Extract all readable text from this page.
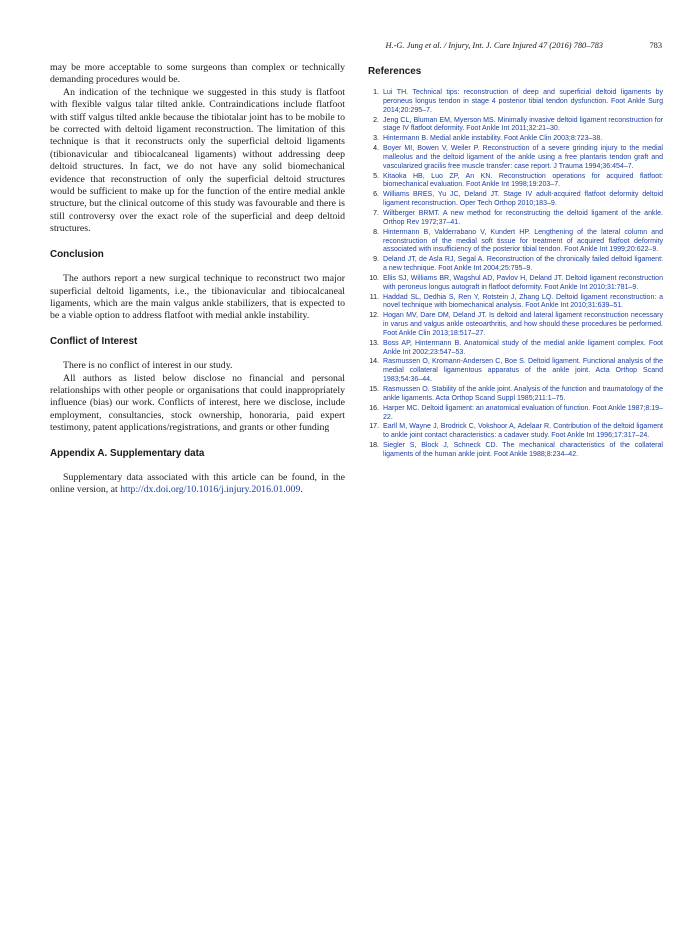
H.-G. Jung et al. / Injury, Int. J. Care Injured 47 (2016) 780–783	783

may be more acceptable to some surgeons than complex or technically demanding procedures would be.

An indication of the technique we suggested in this study is flatfoot with flexible valgus talar tilted ankle. Contraindications include flatfoot with stiff valgus tilted ankle because the tibiotalar joint has to be mobile to be corrected with deltoid ligament reconstruction. The limitation of this technique is that it reconstructs only the superficial deltoid ligaments (tibionavicular and tibiocalcaneal ligaments) without addressing deep deltoid structures. In fact, we do not have any solid biomechanical evidence that reconstruction of only the superficial deltoid structures would be sufficient to make up for the function of the entire medial ankle structure, but the clinical outcome of this study was favourable and there is still controversy over the exact role of the superficial and deep deltoid structures.

Conclusion

The authors report a new surgical technique to reconstruct two major superficial deltoid ligaments, i.e., the tibionavicular and tibiocalcaneal ligaments, which are the main valgus ankle stabilizers, that is expected to be a viable option to address flatfoot with medial ankle instability.

Conflict of Interest

There is no conflict of interest in our study.

All authors as listed below disclose no financial and personal relationships with other people or organisations that could inappropriately influence (bias) our work. Conflicts of interest, here we disclose, include employment, consultancies, stock ownership, honoraria, paid expert testimony, patent applications/registrations, and grants or other funding

Appendix A. Supplementary data

Supplementary data associated with this article can be found, in the online version, at http://dx.doi.org/10.1016/j.injury.2016.01.009.

References
1. Lui TH. Technical tips: reconstruction of deep and superficial deltoid ligaments by peroneus longus tendon in stage 4 posterior tibial tendon dysfunction. Foot Ankle Surg 2014;20:295–7.
2. Jeng CL, Bluman EM, Myerson MS. Minimally invasive deltoid ligament reconstruction for stage IV flatfoot deformity. Foot Ankle Int 2011;32:21–30.
3. Hintermann B. Medial ankle instability. Foot Ankle Clin 2003;8:723–38.
4. Boyer MI, Bowen V, Weiler P. Reconstruction of a severe grinding injury to the medial malleolus and the deltoid ligament of the ankle using a free plantaris tendon graft and vascularized gracilis free muscle transfer: case report. J Trauma 1994;36:454–7.
5. Kitaoka HB, Luo ZP, An KN. Reconstruction operations for acquired flatfoot: biomechanical evaluation. Foot Ankle Int 1998;19:203–7.
6. Williams BRES, Yu JC, Deland JT. Stage IV adult-acquired flatfoot deformity deltoid ligament reconstruction. Oper Tech Orthop 2010;183–9.
7. Wiltberger BRMT. A new method for reconstructing the deltoid ligament of the ankle. Orthop Rev 1972;37–41.
8. Hintermann B, Valderrabano V, Kundert HP. Lengthening of the lateral column and reconstruction of the medial soft tissue for treatment of acquired flatfoot deformity associated with insufficiency of the posterior tibial tendon. Foot Ankle Int 1999;20:622–9.
9. Deland JT, de Asla RJ, Segal A. Reconstruction of the chronically failed deltoid ligament: a new technique. Foot Ankle Int 2004;25:795–9.
10. Ellis SJ, Williams BR, Wagshul AD, Pavlov H, Deland JT. Deltoid ligament reconstruction with peroneus longus autograft in flatfoot deformity. Foot Ankle Int 2010;31:781–9.
11. Haddad SL, Dedhia S, Ren Y, Rotstein J, Zhang LQ. Deltoid ligament reconstruction: a novel technique with biomechanical analysis. Foot Ankle Int 2010;31:639–51.
12. Hogan MV, Dare DM, Deland JT. Is deltoid and lateral ligament reconstruction necessary in varus and valgus ankle osteoarthritis, and how should these procedures be performed. Foot Ankle Clin 2013;18:517–27.
13. Boss AP, Hintermann B. Anatomical study of the medial ankle ligament complex. Foot Ankle Int 2002;23:547–53.
14. Rasmussen O, Kromann-Andersen C, Boe S. Deltoid ligament. Functional analysis of the medial collateral ligamentous apparatus of the ankle joint. Acta Orthop Scand 1983;54:36–44.
15. Rasmussen O. Stability of the ankle joint. Analysis of the function and traumatology of the ankle ligaments. Acta Orthop Scand Suppl 1985;211:1–75.
16. Harper MC. Deltoid ligament: an anatomical evaluation of function. Foot Ankle 1987;8:19–22.
17. Earll M, Wayne J, Brodrick C, Vokshoor A, Adelaar R. Contribution of the deltoid ligament to ankle joint contact characteristics: a cadaver study. Foot Ankle Int 1996;17:317–24.
18. Siegler S, Block J, Schneck CD. The mechanical characteristics of the collateral ligaments of the human ankle joint. Foot Ankle 1988;8:234–42.
